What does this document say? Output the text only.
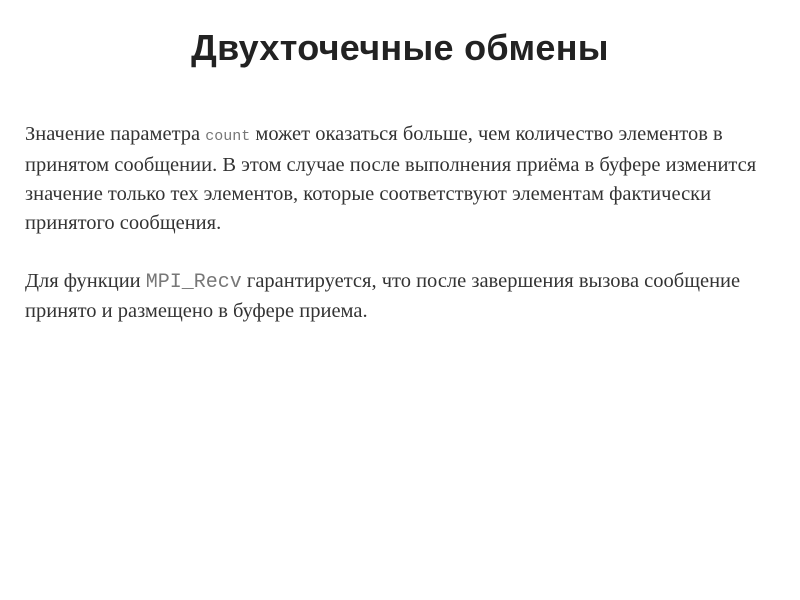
Двухточечные обмены

Значение параметра count может оказаться больше, чем количество элементов в принятом сообщении. В этом случае после выполнения приёма в буфере изменится значение только тех элементов, которые соответствуют элементам фактически принятого сообщения.

Для функции MPI_Recv гарантируется, что после завершения вызова сообщение принято и размещено в буфере приема.
